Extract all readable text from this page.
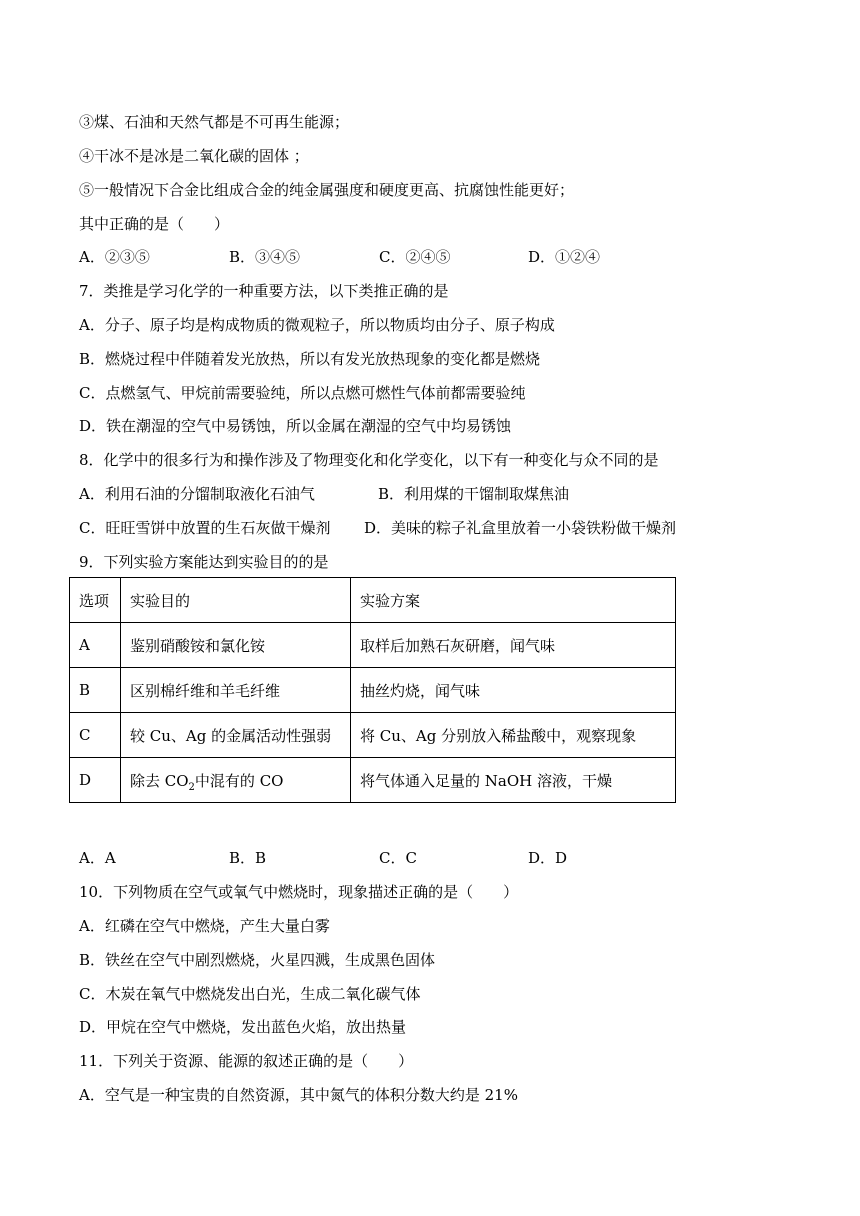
③煤、石油和天然气都是不可再生能源；
④干冰不是冰是二氧化碳的固体 ；
⑤一般情况下合金比组成合金的纯金属强度和硬度更高、抗腐蚀性能更好；
其中正确的是（　　）
A．②③⑤	B．③④⑤	C．②④⑤	D．①②④
7．类推是学习化学的一种重要方法，以下类推正确的是
A．分子、原子均是构成物质的微观粒子，所以物质均由分子、原子构成
B．燃烧过程中伴随着发光放热，所以有发光放热现象的变化都是燃烧
C．点燃氢气、甲烷前需要验纯，所以点燃可燃性气体前都需要验纯
D．铁在潮湿的空气中易锈蚀，所以金属在潮湿的空气中均易锈蚀
8．化学中的很多行为和操作涉及了物理变化和化学变化，以下有一种变化与众不同的是
A．利用石油的分馏制取液化石油气	B．利用煤的干馏制取煤焦油
C．旺旺雪饼中放置的生石灰做干燥剂 D．美味的粽子礼盒里放着一小袋铁粉做干燥剂
9．下列实验方案能达到实验目的的是
选项	实验目的	实验方案
A	鉴别硝酸铵和氯化铵	取样后加熟石灰研磨，闻气味
B	区别棉纤维和羊毛纤维	抽丝灼烧，闻气味
C	较 Cu、Ag 的金属活动性强弱	将 Cu、Ag 分别放入稀盐酸中，观察现象
D	除去 $CO_2$中混有的 CO	将气体通入足量的 NaOH 溶液，干燥
A．A	B．B	C．C	D．D
10．下列物质在空气或氧气中燃烧时，现象描述正确的是（　　）
A．红磷在空气中燃烧，产生大量白雾
B．铁丝在空气中剧烈燃烧，火星四溅，生成黑色固体
C．木炭在氧气中燃烧发出白光，生成二氧化碳气体
D．甲烷在空气中燃烧，发出蓝色火焰，放出热量
11．下列关于资源、能源的叙述正确的是（　　）
A．空气是一种宝贵的自然资源，其中氮气的体积分数大约是 21%
